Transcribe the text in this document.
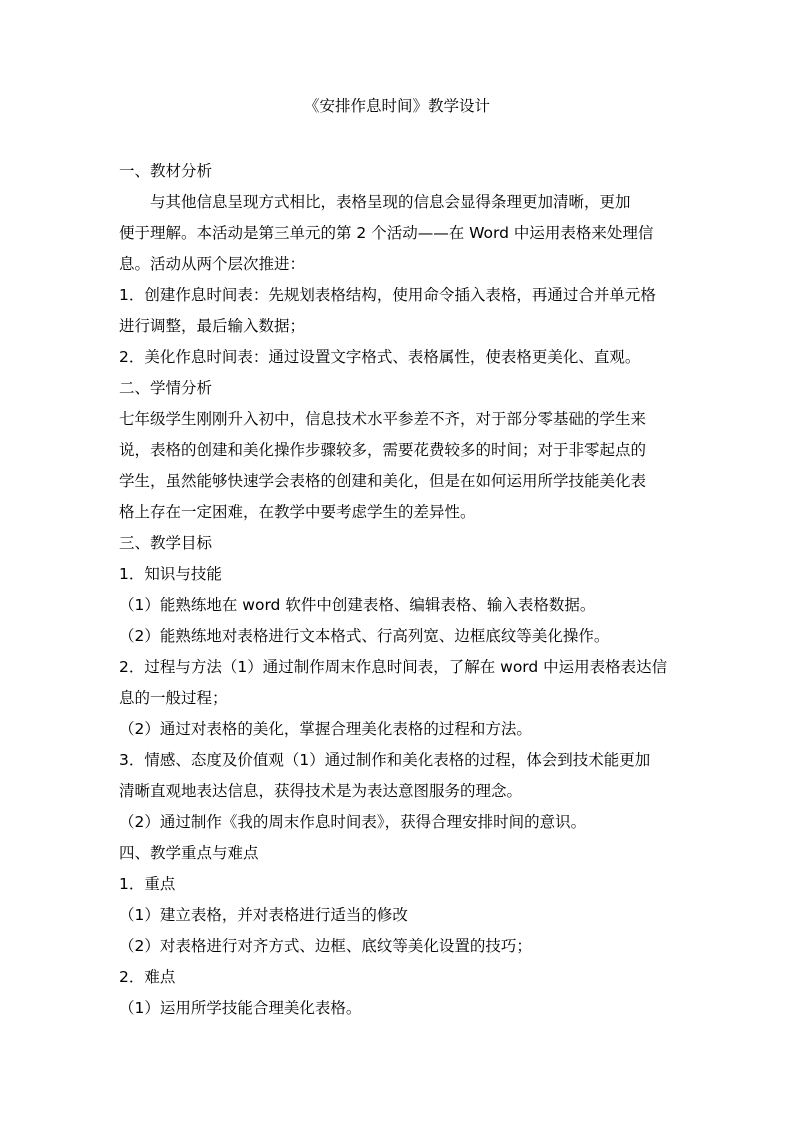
《安排作息时间》教学设计
一、教材分析
与其他信息呈现方式相比，表格呈现的信息会显得条理更加清晰，更加
便于理解。本活动是第三单元的第 2 个活动——在 Word 中运用表格来处理信
息。活动从两个层次推进：
1．创建作息时间表：先规划表格结构，使用命令插入表格，再通过合并单元格
进行调整，最后输入数据；
2．美化作息时间表：通过设置文字格式、表格属性，使表格更美化、直观。
二、学情分析
七年级学生刚刚升入初中，信息技术水平参差不齐，对于部分零基础的学生来
说，表格的创建和美化操作步骤较多，需要花费较多的时间；对于非零起点的
学生，虽然能够快速学会表格的创建和美化，但是在如何运用所学技能美化表
格上存在一定困难，在教学中要考虑学生的差异性。
三、教学目标
1．知识与技能
（1）能熟练地在 word 软件中创建表格、编辑表格、输入表格数据。
（2）能熟练地对表格进行文本格式、行高列宽、边框底纹等美化操作。
2．过程与方法（1）通过制作周末作息时间表，了解在 word 中运用表格表达信
息的一般过程；
（2）通过对表格的美化，掌握合理美化表格的过程和方法。
3．情感、态度及价值观（1）通过制作和美化表格的过程，体会到技术能更加
清晰直观地表达信息，获得技术是为表达意图服务的理念。
（2）通过制作《我的周末作息时间表》，获得合理安排时间的意识。
四、教学重点与难点
1．重点
（1）建立表格，并对表格进行适当的修改
（2）对表格进行对齐方式、边框、底纹等美化设置的技巧；
2．难点
（1）运用所学技能合理美化表格。
